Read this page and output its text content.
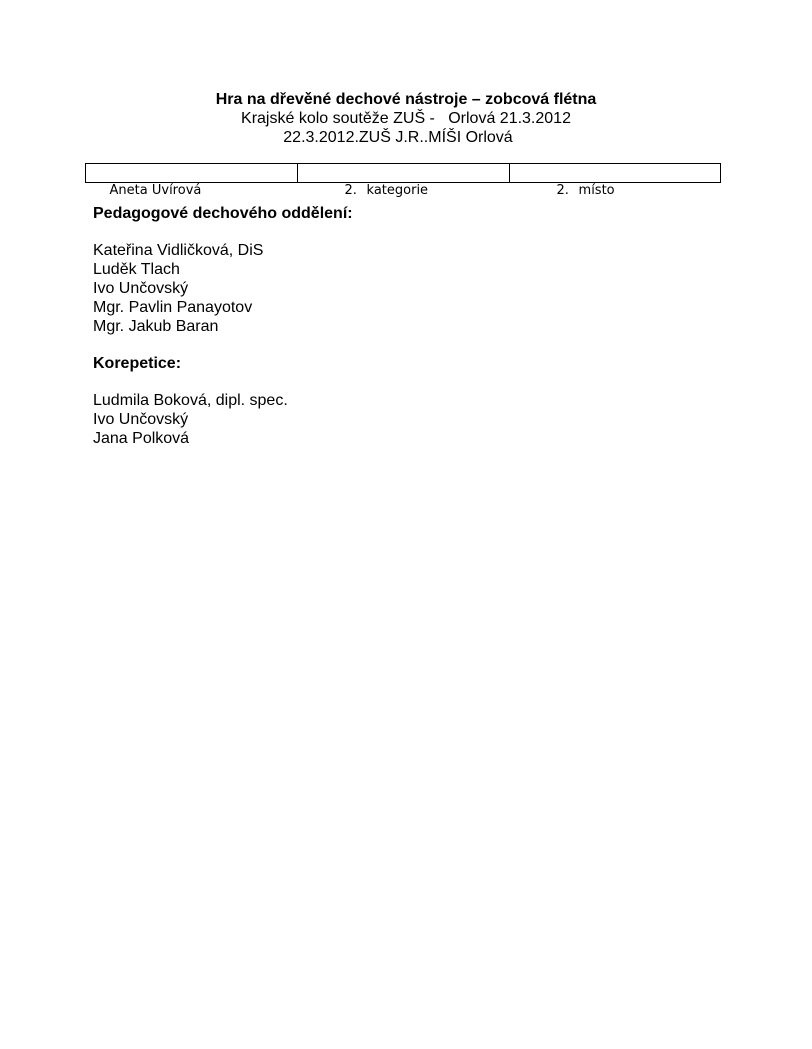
Hra na dřevěné dechové nástroje – zobcová flétna
Krajské kolo soutěže ZUŠ -   Orlová 21.3.2012
22.3.2012.ZUŠ J.R..MÍŠI Orlová

Aneta Uvírová
	2. kategorie
	2. místo

Pedagogové dechového oddělení:
Kateřina Vidličková, DiS
Luděk Tlach
Ivo Unčovský
Mgr. Pavlin Panayotov
Mgr. Jakub Baran
Korepetice:
Ludmila Boková, dipl. spec.
Ivo Unčovský
Jana Polková
